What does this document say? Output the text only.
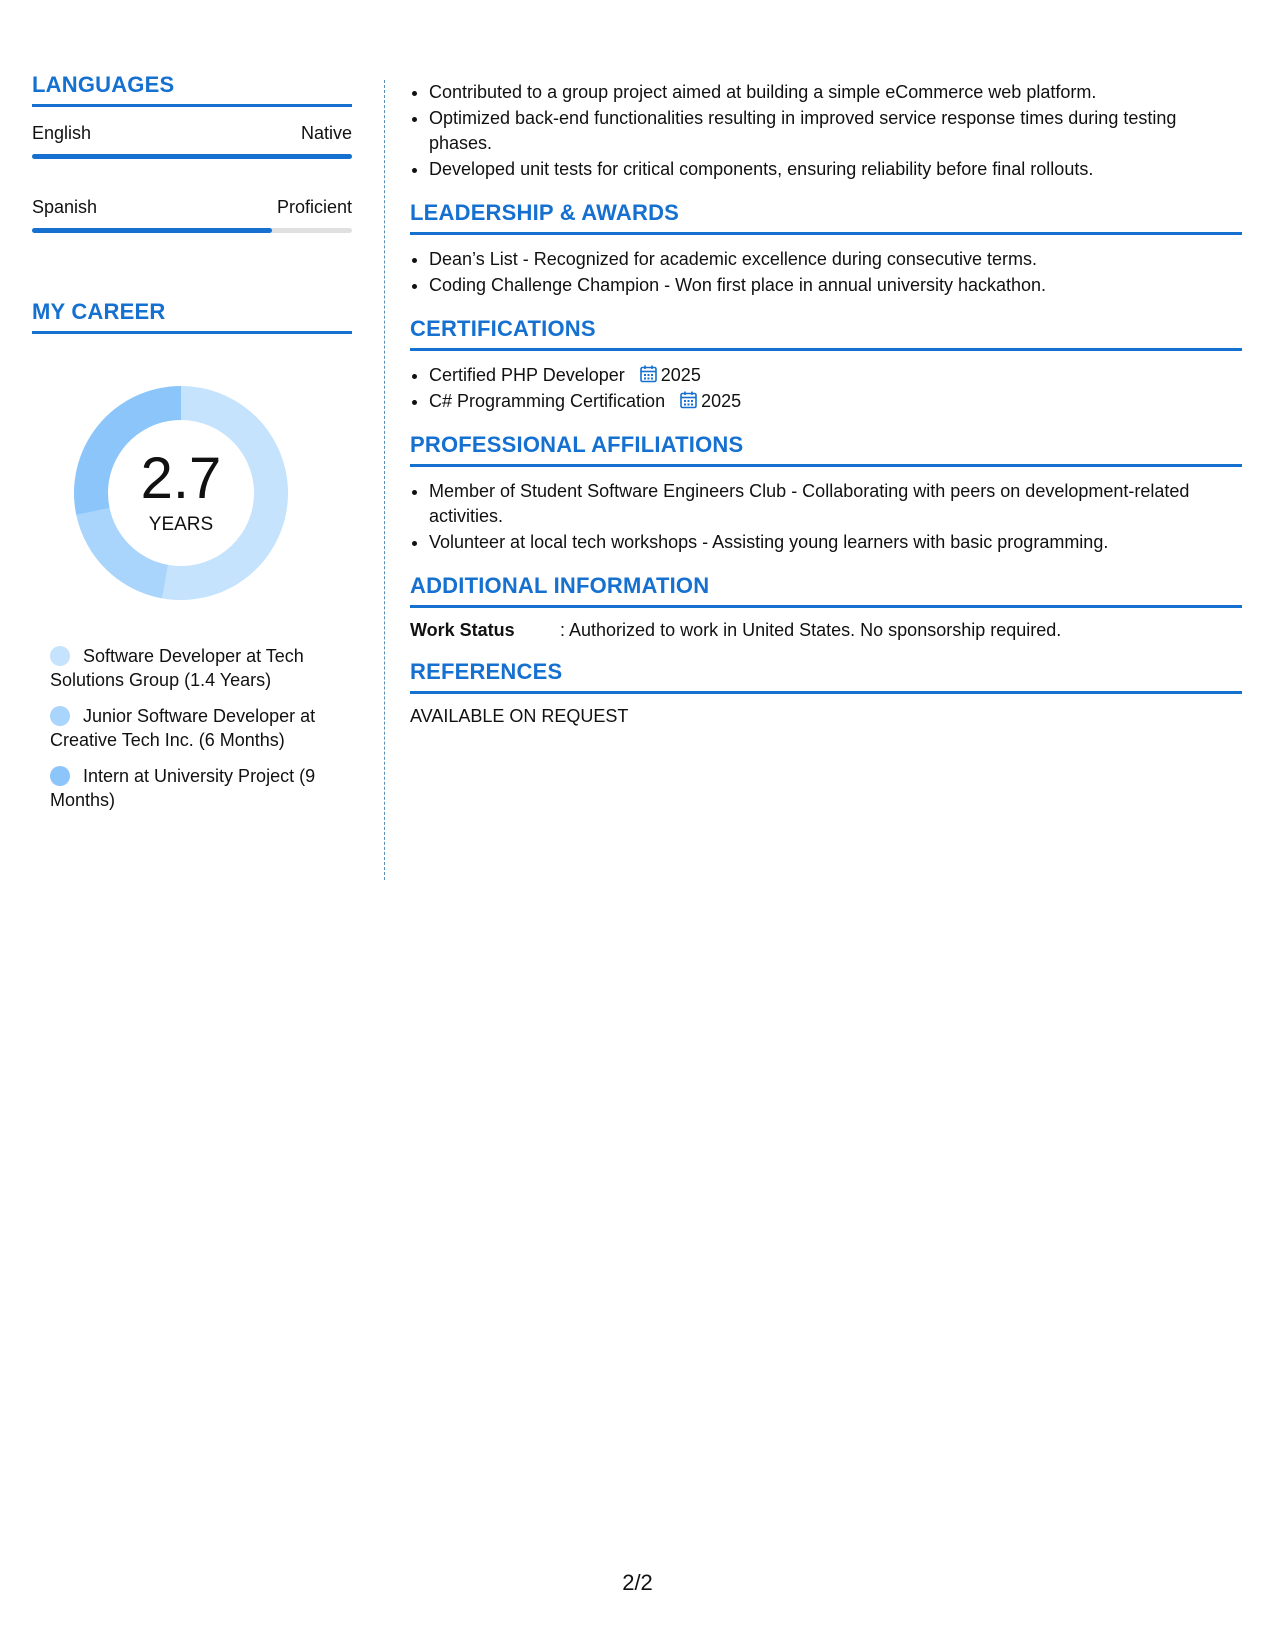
LANGUAGES
English	Native
Spanish	Proficient
MY CAREER
2.7
YEARS
Software Developer at Tech Solutions Group (1.4 Years)
Junior Software Developer at Creative Tech Inc. (6 Months)
Intern at University Project (9 Months)
• Contributed to a group project aimed at building a simple eCommerce web platform.
• Optimized back-end functionalities resulting in improved service response times during testing phases.
• Developed unit tests for critical components, ensuring reliability before final rollouts.
LEADERSHIP & AWARDS
• Dean’s List - Recognized for academic excellence during consecutive terms.
• Coding Challenge Champion - Won first place in annual university hackathon.
CERTIFICATIONS
• Certified PHP Developer 2025
• C# Programming Certification 2025
PROFESSIONAL AFFILIATIONS
• Member of Student Software Engineers Club - Collaborating with peers on development-related activities.
• Volunteer at local tech workshops - Assisting young learners with basic programming.
ADDITIONAL INFORMATION
Work Status	: Authorized to work in United States. No sponsorship required.
REFERENCES
AVAILABLE ON REQUEST
2/2
